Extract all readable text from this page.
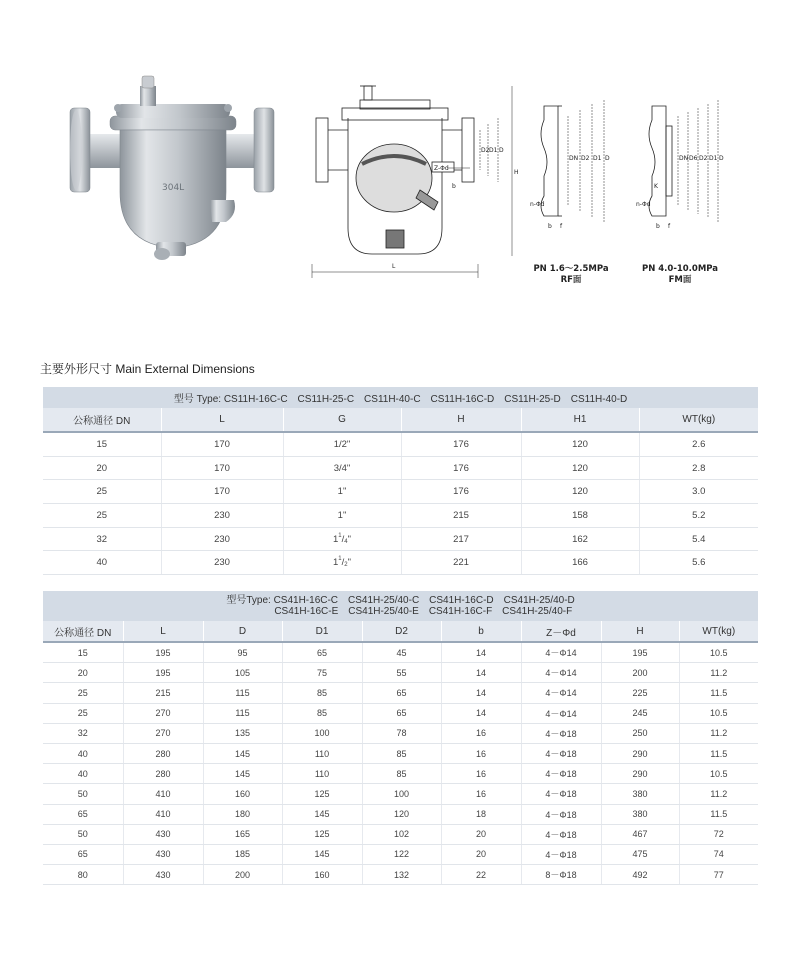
304L
H
D
D1
D2
L
Z-Φd
b
DN D2 D1 D
n-Φd
b f
DN D6 D2 D1 D
K
n-Φd
b f
PN 1.6～2.5MPa
RF面
PN 4.0-10.0MPa
FM面
主要外形尺寸 Main External Dimensions
型号 Type: CS11H-16C-C　CS11H-25-C　CS11H-40-C　CS11H-16C-D　CS11H-25-D　CS11H-40-D					
公称通径 DN	L	G	H	H1	WT(kg)
15	170	1/2"	176	120	2.6
20	170	3/4"	176	120	2.8
25	170	1"	176	120	3.0
25	230	1"	215	158	5.2
32	230	$1^1/4$"	217	162	5.4
40	230	$1^1/2$"	221	166	5.6
型号Type: CS41H-16C-C　CS41H-25/40-C　CS41H-16C-D　CS41H-25/40-D
CS41H-16C-E　CS41H-25/40-E　CS41H-16C-F　CS41H-25/40-F								
公称通径 DN	L	D	D1	D2	b	Z－Φd	H	WT(kg)
15	195	95	65	45	14	4－Φ14	195	10.5
20	195	105	75	55	14	4－Φ14	200	11.2
25	215	115	85	65	14	4－Φ14	225	11.5
25	270	115	85	65	14	4－Φ14	245	10.5
32	270	135	100	78	16	4－Φ18	250	11.2
40	280	145	110	85	16	4－Φ18	290	11.5
40	280	145	110	85	16	4－Φ18	290	10.5
50	410	160	125	100	16	4－Φ18	380	11.2
65	410	180	145	120	18	4－Φ18	380	11.5
50	430	165	125	102	20	4－Φ18	467	72
65	430	185	145	122	20	4－Φ18	475	74
80	430	200	160	132	22	8－Φ18	492	77
